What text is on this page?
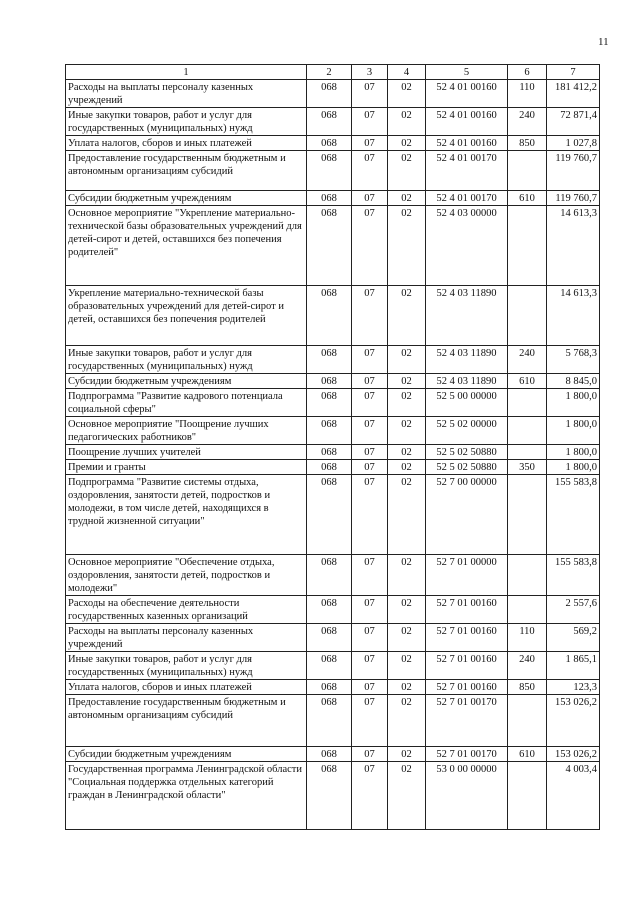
11
1	2	3	4	5	6	7
Расходы на выплаты персоналу казенных учреждений	068	07	02	52 4 01 00160	110	181 412,2
Иные закупки товаров, работ и услуг для государственных (муниципальных) нужд	068	07	02	52 4 01 00160	240	72 871,4
Уплата налогов, сборов и иных платежей	068	07	02	52 4 01 00160	850	1 027,8
Предоставление государственным бюджетным и автономным организациям субсидий	068	07	02	52 4 01 00170		119 760,7
Субсидии бюджетным учреждениям	068	07	02	52 4 01 00170	610	119 760,7
Основное мероприятие "Укрепление материально-технической базы образовательных учреждений для детей-сирот и детей, оставшихся без попечения родителей"	068	07	02	52 4 03 00000		14 613,3
Укрепление материально-технической базы образовательных учреждений для детей-сирот и детей, оставшихся без попечения родителей	068	07	02	52 4 03 11890		14 613,3
Иные закупки товаров, работ и услуг для государственных (муниципальных) нужд	068	07	02	52 4 03 11890	240	5 768,3
Субсидии бюджетным учреждениям	068	07	02	52 4 03 11890	610	8 845,0
Подпрограмма "Развитие кадрового потенциала социальной сферы"	068	07	02	52 5 00 00000		1 800,0
Основное мероприятие "Поощрение лучших педагогических работников"	068	07	02	52 5 02 00000		1 800,0
Поощрение лучших учителей	068	07	02	52 5 02 50880		1 800,0
Премии и гранты	068	07	02	52 5 02 50880	350	1 800,0
Подпрограмма "Развитие системы отдыха, оздоровления, занятости детей, подростков и молодежи, в том числе детей, находящихся в трудной жизненной ситуации"	068	07	02	52 7 00 00000		155 583,8
Основное мероприятие "Обеспечение отдыха, оздоровления, занятости детей, подростков и молодежи"	068	07	02	52 7 01 00000		155 583,8
Расходы на обеспечение деятельности государственных казенных организаций	068	07	02	52 7 01 00160		2 557,6
Расходы на выплаты персоналу казенных учреждений	068	07	02	52 7 01 00160	110	569,2
Иные закупки товаров, работ и услуг для государственных (муниципальных) нужд	068	07	02	52 7 01 00160	240	1 865,1
Уплата налогов, сборов и иных платежей	068	07	02	52 7 01 00160	850	123,3
Предоставление государственным бюджетным и автономным организациям субсидий	068	07	02	52 7 01 00170		153 026,2
Субсидии бюджетным учреждениям	068	07	02	52 7 01 00170	610	153 026,2
Государственная программа Ленинградской области "Социальная поддержка отдельных категорий граждан в Ленинградской области"	068	07	02	53 0 00 00000		4 003,4
